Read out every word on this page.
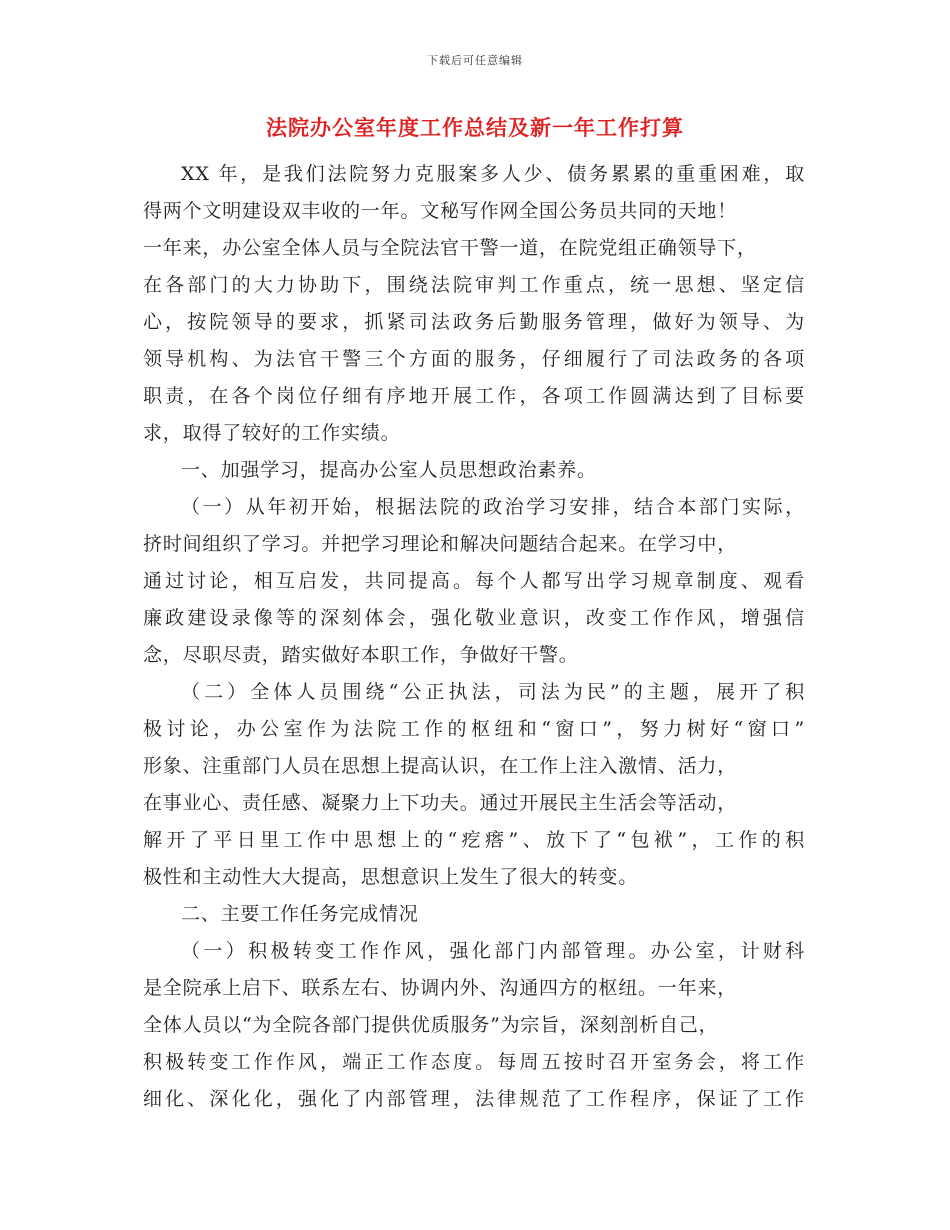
下载后可任意编辑
法院办公室年度工作总结及新一年工作打算
XX 年，是我们法院努力克服案多人少、债务累累的重重困难，取
得两个文明建设双丰收的一年。文秘写作网全国公务员共同的天地！
一年来，办公室全体人员与全院法官干警一道，在院党组正确领导下，
在各部门的大力协助下，围绕法院审判工作重点，统一思想、坚定信
心，按院领导的要求，抓紧司法政务后勤服务管理，做好为领导、为
领导机构、为法官干警三个方面的服务，仔细履行了司法政务的各项
职责，在各个岗位仔细有序地开展工作，各项工作圆满达到了目标要
求，取得了较好的工作实绩。
一、加强学习，提高办公室人员思想政治素养。
（一）从年初开始，根据法院的政治学习安排，结合本部门实际，
挤时间组织了学习。并把学习理论和解决问题结合起来。在学习中，
通过讨论，相互启发，共同提高。每个人都写出学习规章制度、观看
廉政建设录像等的深刻体会，强化敬业意识，改变工作作风，增强信
念，尽职尽责，踏实做好本职工作，争做好干警。
（二）全体人员围绕“公正执法，司法为民”的主题，展开了积
极讨论，办公室作为法院工作的枢纽和“窗口”，努力树好“窗口”
形象、注重部门人员在思想上提高认识，在工作上注入激情、活力，
在事业心、责任感、凝聚力上下功夫。通过开展民主生活会等活动，
解开了平日里工作中思想上的“疙瘩”、放下了“包袱”，工作的积
极性和主动性大大提高，思想意识上发生了很大的转变。
二、主要工作任务完成情况
（一）积极转变工作作风，强化部门内部管理。办公室，计财科
是全院承上启下、联系左右、协调内外、沟通四方的枢纽。一年来，
全体人员以“为全院各部门提供优质服务”为宗旨，深刻剖析自己，
积极转变工作作风，端正工作态度。每周五按时召开室务会，将工作
细化、深化化，强化了内部管理，法律规范了工作程序，保证了工作
